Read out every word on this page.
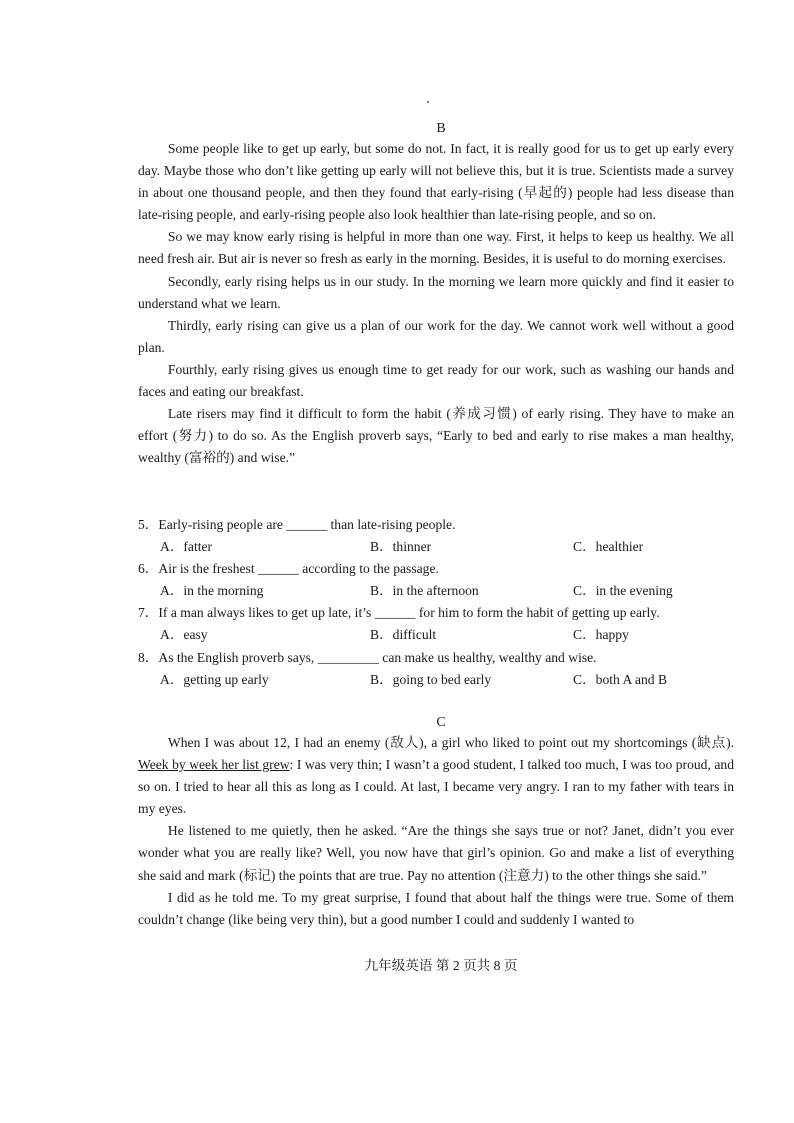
B

Some people like to get up early, but some do not. In fact, it is really good for us to get up early every day. Maybe those who don’t like getting up early will not believe this, but it is true. Scientists made a survey in about one thousand people, and then they found that early-rising (早起的) people had less disease than late-rising people, and early-rising people also look healthier than late-rising people, and so on.

So we may know early rising is helpful in more than one way. First, it helps to keep us healthy. We all need fresh air. But air is never so fresh as early in the morning. Besides, it is useful to do morning exercises.

Secondly, early rising helps us in our study. In the morning we learn more quickly and find it easier to understand what we learn.

Thirdly, early rising can give us a plan of our work for the day. We cannot work well without a good plan.

Fourthly, early rising gives us enough time to get ready for our work, such as washing our hands and faces and eating our breakfast.

Late risers may find it difficult to form the habit (养成习惯) of early rising. They have to make an effort (努力) to do so. As the English proverb says, “Early to bed and early to rise makes a man healthy, wealthy (富裕的) and wise.”

5．Early-rising people are ______ than late-rising people.
A．fatter	B．thinner	C．healthier
6．Air is the freshest ______ according to the passage.
A．in the morning	B．in the afternoon	C．in the evening
7．If a man always likes to get up late, it’s ______ for him to form the habit of getting up early.
A．easy	B．difficult	C．happy
8．As the English proverb says, _________ can make us healthy, wealthy and wise.
A．getting up early	B．going to bed early	C．both A and B
C

When I was about 12, I had an enemy (敌人), a girl who liked to point out my shortcomings (缺点). Week by week her list grew: I was very thin; I wasn’t a good student, I talked too much, I was too proud, and so on. I tried to hear all this as long as I could. At last, I became very angry. I ran to my father with tears in my eyes.

He listened to me quietly, then he asked. “Are the things she says true or not? Janet, didn’t you ever wonder what you are really like? Well, you now have that girl’s opinion. Go and make a list of everything she said and mark (标记) the points that are true. Pay no attention (注意力) to the other things she said.”

I did as he told me. To my great surprise, I found that about half the things were true. Some of them couldn’t change (like being very thin), but a good number I could and suddenly I wanted to

九年级英语 第 2 页共 8 页
